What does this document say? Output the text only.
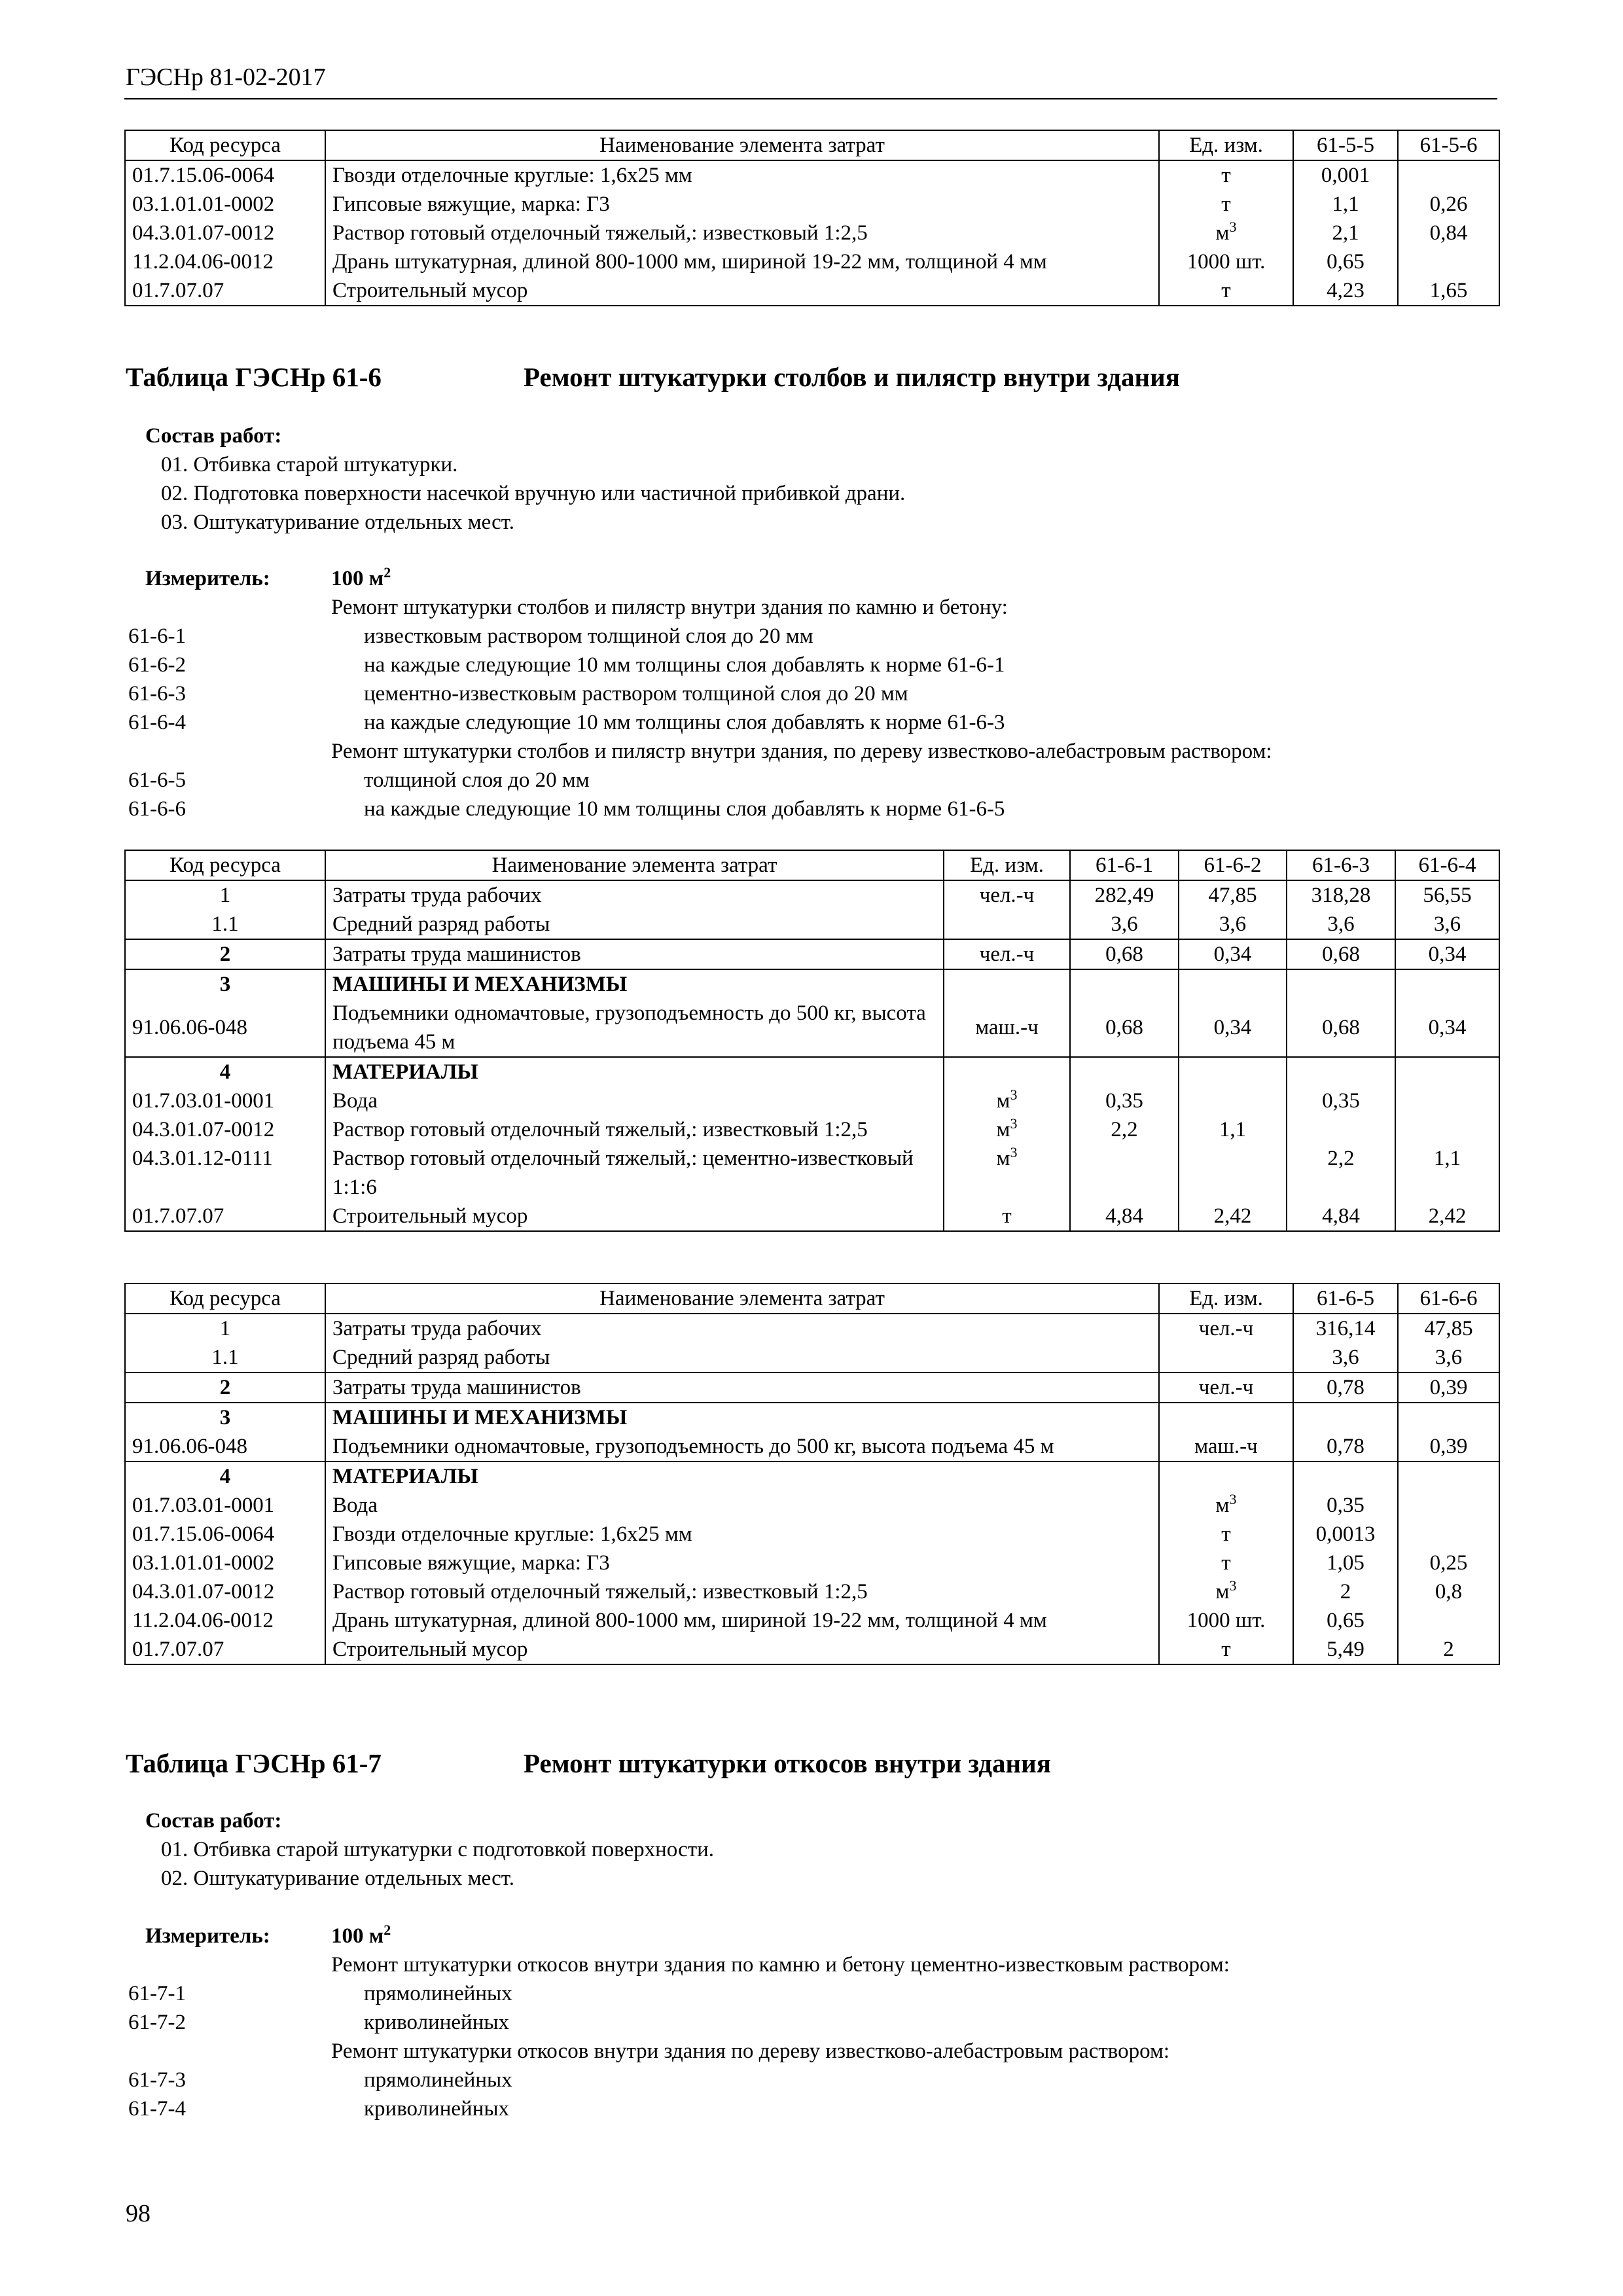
ГЭСНр 81-02-2017
Код ресурса	Наименование элемента затрат	Ед. изм.	61-5-5	61-5-6
01.7.15.06-0064	Гвозди отделочные круглые: 1,6х25 мм	т	0,001	
03.1.01.01-0002	Гипсовые вяжущие, марка: Г3	т	1,1	0,26
04.3.01.07-0012	Раствор готовый отделочный тяжелый,: известковый 1:2,5	$м^3$	2,1	0,84
11.2.04.06-0012	Дрань штукатурная, длиной 800-1000 мм, шириной 19-22 мм, толщиной 4 мм	1000 шт.	0,65	
01.7.07.07	Строительный мусор	т	4,23	1,65
Таблица ГЭСНр 61-6	Ремонт штукатурки столбов и пилястр внутри здания
Состав работ:
01. Отбивка старой штукатурки.
02. Подготовка поверхности насечкой вручную или частичной прибивкой драни.
03. Оштукатуривание отдельных мест.
Измеритель:	100 $м^2$
Ремонт штукатурки столбов и пилястр внутри здания по камню и бетону:
61-6-1	известковым раствором толщиной слоя до 20 мм
61-6-2	на каждые следующие 10 мм толщины слоя добавлять к норме 61-6-1
61-6-3	цементно-известковым раствором толщиной слоя до 20 мм
61-6-4	на каждые следующие 10 мм толщины слоя добавлять к норме 61-6-3
Ремонт штукатурки столбов и пилястр внутри здания, по дереву известково-алебастровым раствором:
61-6-5	толщиной слоя до 20 мм
61-6-6	на каждые следующие 10 мм толщины слоя добавлять к норме 61-6-5
Код ресурса	Наименование элемента затрат	Ед. изм.	61-6-1	61-6-2	61-6-3	61-6-4
1	Затраты труда рабочих	чел.-ч	282,49	47,85	318,28	56,55
1.1	Средний разряд работы		3,6	3,6	3,6	3,6
2	Затраты труда машинистов	чел.-ч	0,68	0,34	0,68	0,34
3	МАШИНЫ И МЕХАНИЗМЫ					
91.06.06-048	Подъемники одномачтовые, грузоподъемность до 500 кг, высота подъема 45 м	маш.-ч	0,68	0,34	0,68	0,34
4	МАТЕРИАЛЫ					
01.7.03.01-0001	Вода	$м^3$	0,35		0,35	
04.3.01.07-0012	Раствор готовый отделочный тяжелый,: известковый 1:2,5	$м^3$	2,2	1,1		
04.3.01.12-0111	Раствор готовый отделочный тяжелый,: цементно-известковый 1:1:6	$м^3$			2,2	1,1
01.7.07.07	Строительный мусор	т	4,84	2,42	4,84	2,42
Код ресурса	Наименование элемента затрат	Ед. изм.	61-6-5	61-6-6
1	Затраты труда рабочих	чел.-ч	316,14	47,85
1.1	Средний разряд работы		3,6	3,6
2	Затраты труда машинистов	чел.-ч	0,78	0,39
3	МАШИНЫ И МЕХАНИЗМЫ			
91.06.06-048	Подъемники одномачтовые, грузоподъемность до 500 кг, высота подъема 45 м	маш.-ч	0,78	0,39
4	МАТЕРИАЛЫ			
01.7.03.01-0001	Вода	$м^3$	0,35	
01.7.15.06-0064	Гвозди отделочные круглые: 1,6х25 мм	т	0,0013	
03.1.01.01-0002	Гипсовые вяжущие, марка: Г3	т	1,05	0,25
04.3.01.07-0012	Раствор готовый отделочный тяжелый,: известковый 1:2,5	$м^3$	2	0,8
11.2.04.06-0012	Дрань штукатурная, длиной 800-1000 мм, шириной 19-22 мм, толщиной 4 мм	1000 шт.	0,65	
01.7.07.07	Строительный мусор	т	5,49	2
Таблица ГЭСНр 61-7	Ремонт штукатурки откосов внутри здания
Состав работ:
01. Отбивка старой штукатурки с подготовкой поверхности.
02. Оштукатуривание отдельных мест.
Измеритель:	100 $м^2$
Ремонт штукатурки откосов внутри здания по камню и бетону цементно-известковым раствором:
61-7-1	прямолинейных
61-7-2	криволинейных
Ремонт штукатурки откосов внутри здания по дереву известково-алебастровым раствором:
61-7-3	прямолинейных
61-7-4	криволинейных
98
